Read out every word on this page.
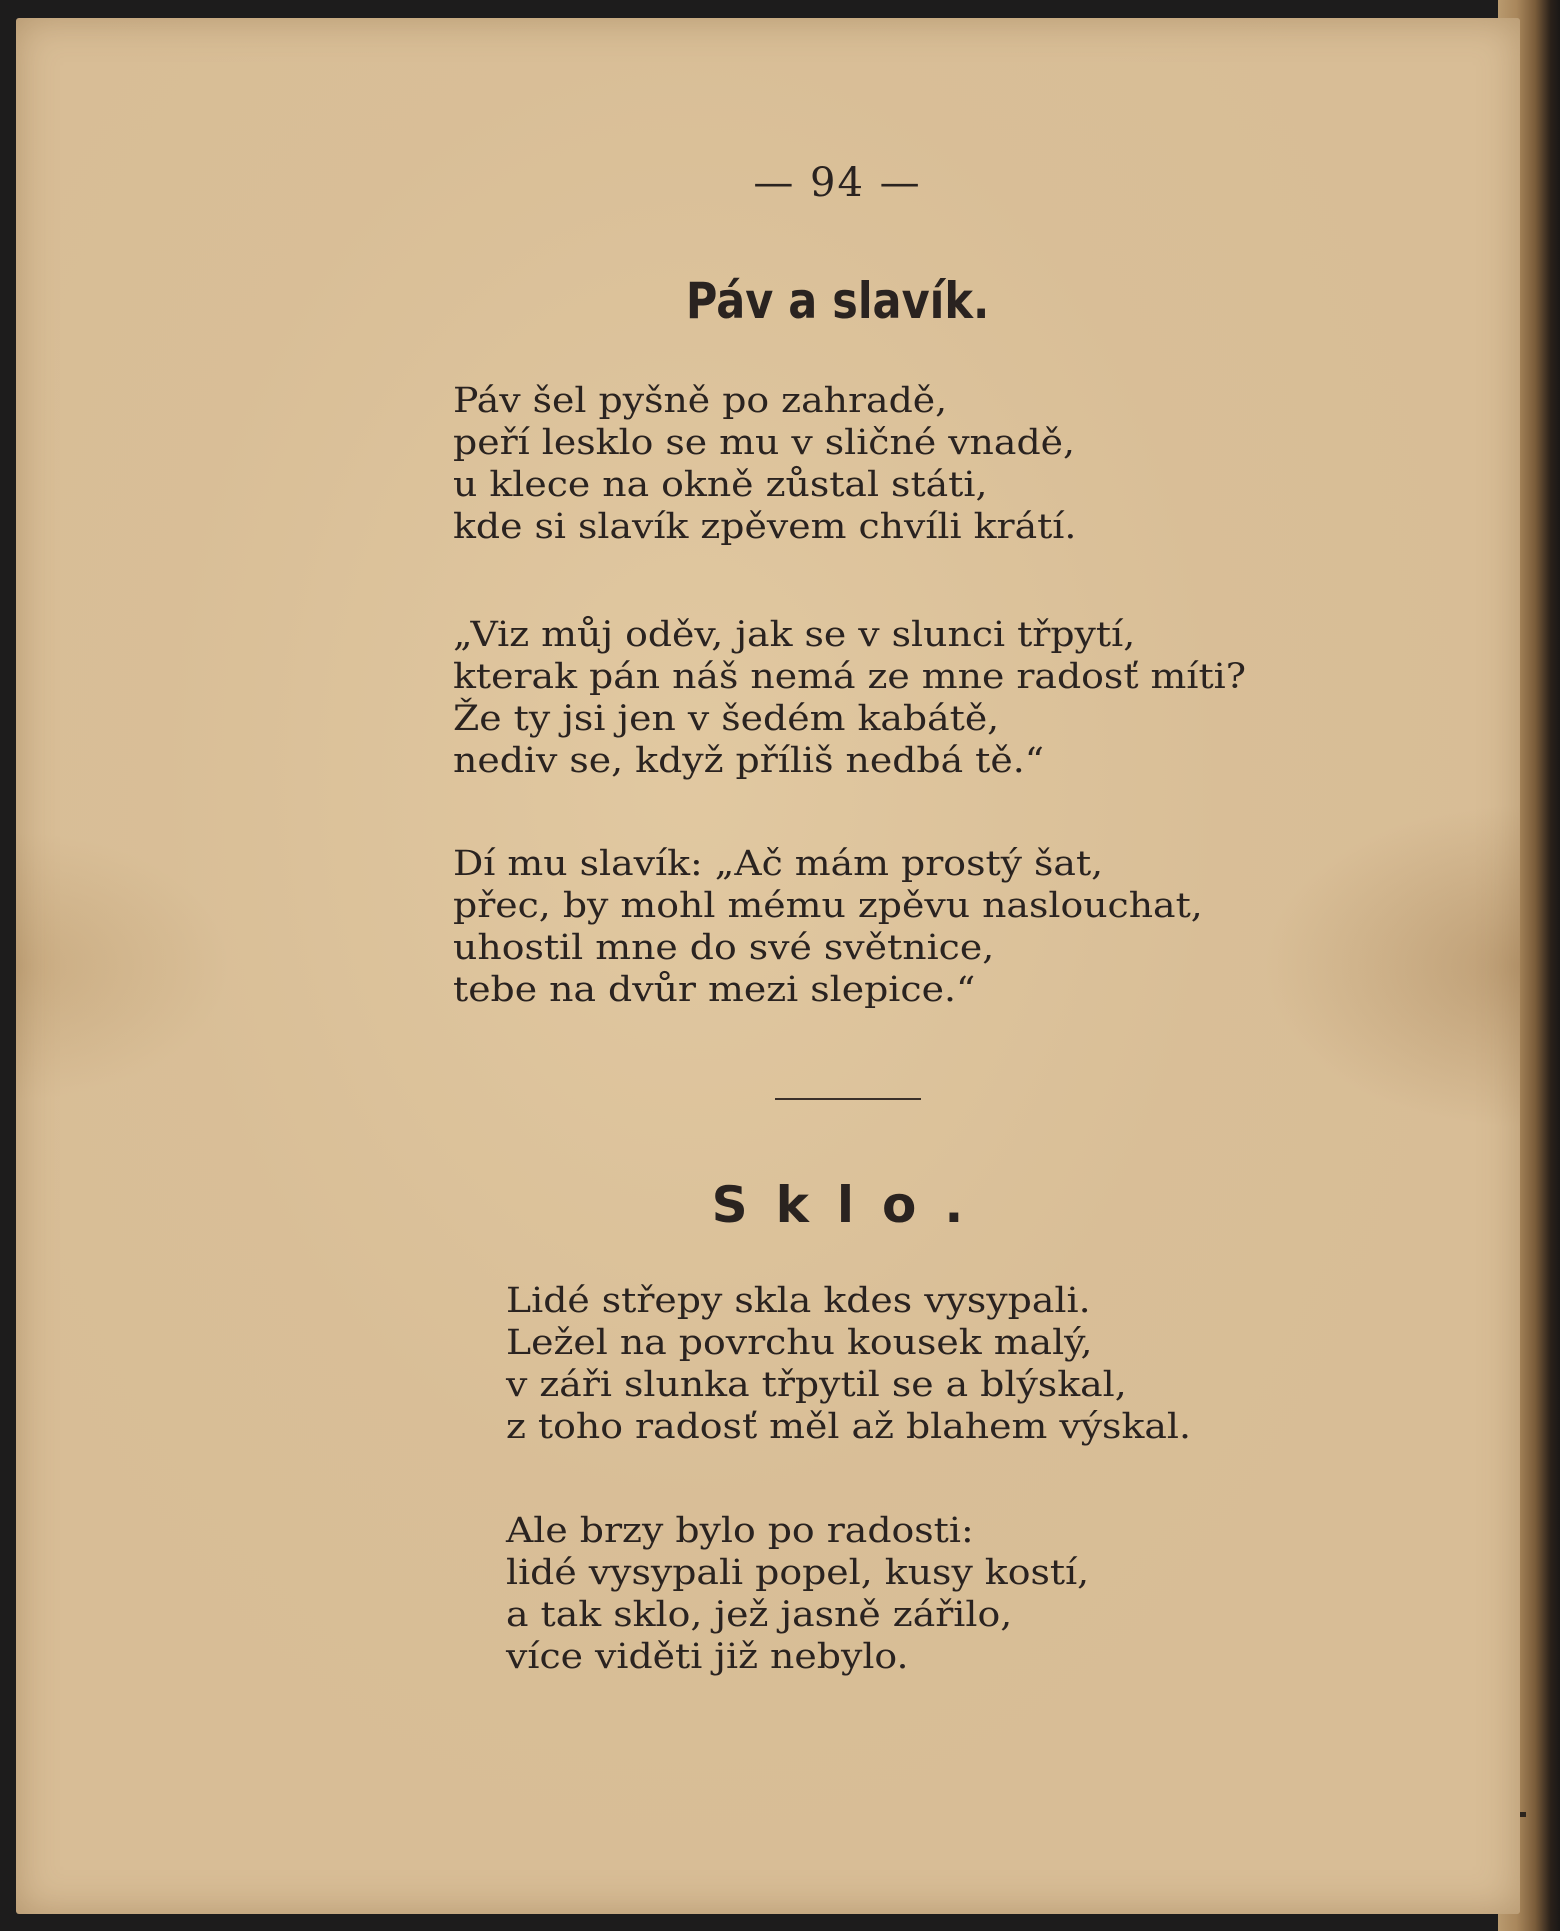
— 94 —
Páv a slavík.
Páv šel pyšně po zahradě,
peří lesklo se mu v sličné vnadě,
u klece na okně zůstal státi,
kde si slavík zpěvem chvíli krátí.
„Viz můj oděv, jak se v slunci třpytí,
kterak pán náš nemá ze mne radosť míti?
Že ty jsi jen v šedém kabátě,
nediv se, když příliš nedbá tě.“
Dí mu slavík: „Ač mám prostý šat,
přec, by mohl mému zpěvu naslouchat,
uhostil mne do své světnice,
tebe na dvůr mezi slepice.“
Sklo.
Lidé střepy skla kdes vysypali.
Ležel na povrchu kousek malý,
v záři slunka třpytil se a blýskal,
z toho radosť měl až blahem výskal.
Ale brzy bylo po radosti:
lidé vysypali popel, kusy kostí,
a tak sklo, jež jasně zářilo,
více viděti již nebylo.
